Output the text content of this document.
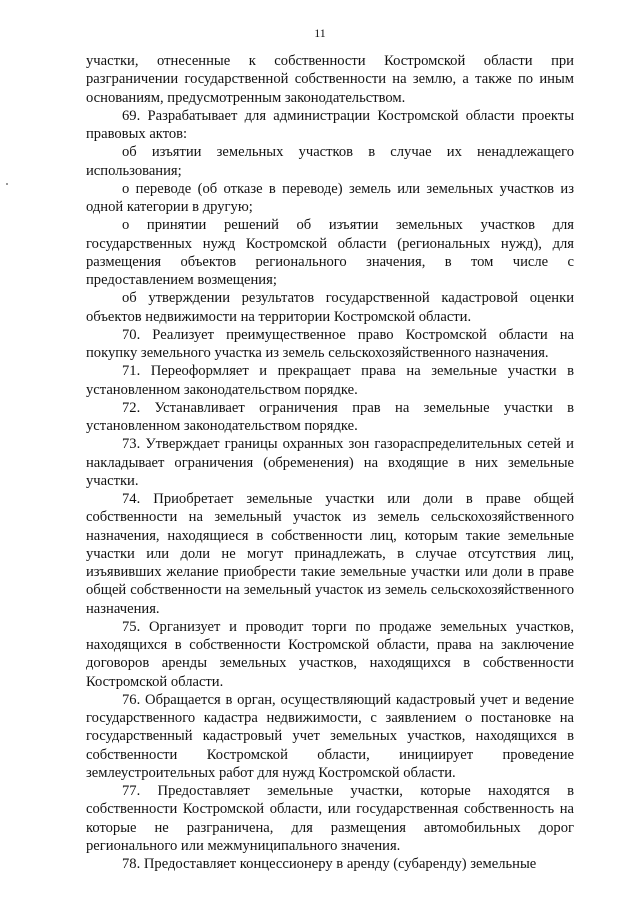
11

участки, отнесенные к собственности Костромской области при разграничении государственной собственности на землю, а также по иным основаниям, предусмотренным законодательством.

69. Разрабатывает для администрации Костромской области проекты правовых актов:

об изъятии земельных участков в случае их ненадлежащего использования;

о переводе (об отказе в переводе) земель или земельных участков из одной категории в другую;

о принятии решений об изъятии земельных участков для государственных нужд Костромской области (региональных нужд), для размещения объектов регионального значения, в том числе с предоставлением возмещения;

об утверждении результатов государственной кадастровой оценки объектов недвижимости на территории Костромской области.

70. Реализует преимущественное право Костромской области на покупку земельного участка из земель сельскохозяйственного назначения.

71. Переоформляет и прекращает права на земельные участки в установленном законодательством порядке.

72. Устанавливает ограничения прав на земельные участки в установленном законодательством порядке.

73. Утверждает границы охранных зон газораспределительных сетей и накладывает ограничения (обременения) на входящие в них земельные участки.

74. Приобретает земельные участки или доли в праве общей собственности на земельный участок из земель сельскохозяйственного назначения, находящиеся в собственности лиц, которым такие земельные участки или доли не могут принадлежать, в случае отсутствия лиц, изъявивших желание приобрести такие земельные участки или доли в праве общей собственности на земельный участок из земель сельскохозяйственного назначения.

75. Организует и проводит торги по продаже земельных участков, находящихся в собственности Костромской области, права на заключение договоров аренды земельных участков, находящихся в собственности Костромской области.

76. Обращается в орган, осуществляющий кадастровый учет и ведение государственного кадастра недвижимости, с заявлением о постановке на государственный кадастровый учет земельных участков, находящихся в собственности Костромской области, инициирует проведение землеустроительных работ для нужд Костромской области.

77. Предоставляет земельные участки, которые находятся в собственности Костромской области, или государственная собственность на которые не разграничена, для размещения автомобильных дорог регионального или межмуниципального значения.

78. Предоставляет концессионеру в аренду (субаренду) земельные
